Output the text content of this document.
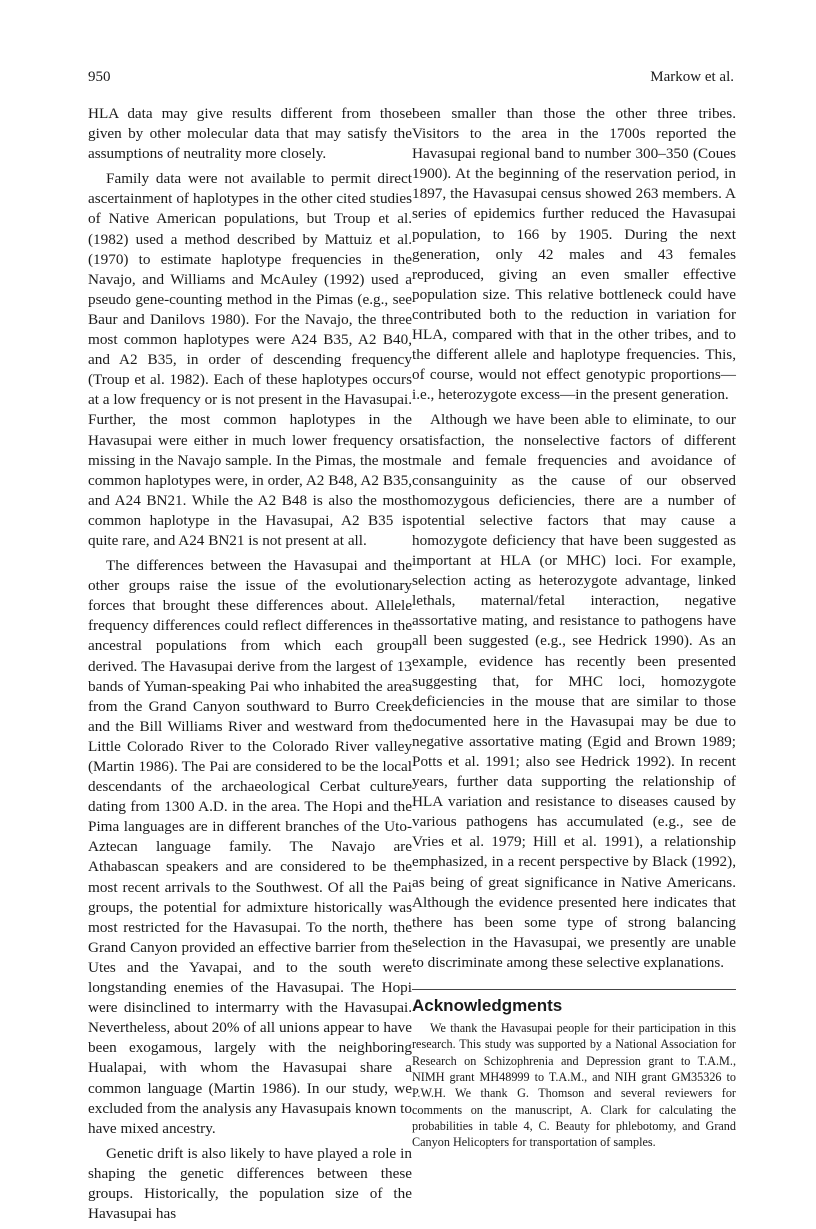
950	Markow et al.

HLA data may give results different from those given by other molecular data that may satisfy the assumptions of neutrality more closely.

Family data were not available to permit direct ascertainment of haplotypes in the other cited studies of Native American populations, but Troup et al. (1982) used a method described by Mattuiz et al. (1970) to estimate haplotype frequencies in the Navajo, and Williams and McAuley (1992) used a pseudo gene-counting method in the Pimas (e.g., see Baur and Danilovs 1980). For the Navajo, the three most common haplotypes were A24 B35, A2 B40, and A2 B35, in order of descending frequency (Troup et al. 1982). Each of these haplotypes occurs at a low frequency or is not present in the Havasupai. Further, the most common haplotypes in the Havasupai were either in much lower frequency or missing in the Navajo sample. In the Pimas, the most common haplotypes were, in order, A2 B48, A2 B35, and A24 BN21. While the A2 B48 is also the most common haplotype in the Havasupai, A2 B35 is quite rare, and A24 BN21 is not present at all.

The differences between the Havasupai and the other groups raise the issue of the evolutionary forces that brought these differences about. Allele frequency differences could reflect differences in the ancestral populations from which each group derived. The Havasupai derive from the largest of 13 bands of Yuman-speaking Pai who inhabited the area from the Grand Canyon southward to Burro Creek and the Bill Williams River and westward from the Little Colorado River to the Colorado River valley (Martin 1986). The Pai are considered to be the local descendants of the archaeological Cerbat culture dating from 1300 A.D. in the area. The Hopi and the Pima languages are in different branches of the Uto-Aztecan language family. The Navajo are Athabascan speakers and are considered to be the most recent arrivals to the Southwest. Of all the Pai groups, the potential for admixture historically was most restricted for the Havasupai. To the north, the Grand Canyon provided an effective barrier from the Utes and the Yavapai, and to the south were longstanding enemies of the Havasupai. The Hopi were disinclined to intermarry with the Havasupai. Nevertheless, about 20% of all unions appear to have been exogamous, largely with the neighboring Hualapai, with whom the Havasupai share a common language (Martin 1986). In our study, we excluded from the analysis any Havasupais known to have mixed ancestry.

Genetic drift is also likely to have played a role in shaping the genetic differences between these groups. Historically, the population size of the Havasupai has

been smaller than those the other three tribes. Visitors to the area in the 1700s reported the Havasupai regional band to number 300–350 (Coues 1900). At the beginning of the reservation period, in 1897, the Havasupai census showed 263 members. A series of epidemics further reduced the Havasupai population, to 166 by 1905. During the next generation, only 42 males and 43 females reproduced, giving an even smaller effective population size. This relative bottleneck could have contributed both to the reduction in variation for HLA, compared with that in the other tribes, and to the different allele and haplotype frequencies. This, of course, would not effect genotypic proportions—i.e., heterozygote excess—in the present generation.

Although we have been able to eliminate, to our satisfaction, the nonselective factors of different male and female frequencies and avoidance of consanguinity as the cause of our observed homozygous deficiencies, there are a number of potential selective factors that may cause a homozygote deficiency that have been suggested as important at HLA (or MHC) loci. For example, selection acting as heterozygote advantage, linked lethals, maternal/fetal interaction, negative assortative mating, and resistance to pathogens have all been suggested (e.g., see Hedrick 1990). As an example, evidence has recently been presented suggesting that, for MHC loci, homozygote deficiencies in the mouse that are similar to those documented here in the Havasupai may be due to negative assortative mating (Egid and Brown 1989; Potts et al. 1991; also see Hedrick 1992). In recent years, further data supporting the relationship of HLA variation and resistance to diseases caused by various pathogens has accumulated (e.g., see de Vries et al. 1979; Hill et al. 1991), a relationship emphasized, in a recent perspective by Black (1992), as being of great significance in Native Americans. Although the evidence presented here indicates that there has been some type of strong balancing selection in the Havasupai, we presently are unable to discriminate among these selective explanations.

Acknowledgments

We thank the Havasupai people for their participation in this research. This study was supported by a National Association for Research on Schizophrenia and Depression grant to T.A.M., NIMH grant MH48999 to T.A.M., and NIH grant GM35326 to P.W.H. We thank G. Thomson and several reviewers for comments on the manuscript, A. Clark for calculating the probabilities in table 4, C. Beauty for phlebotomy, and Grand Canyon Helicopters for transportation of samples.
